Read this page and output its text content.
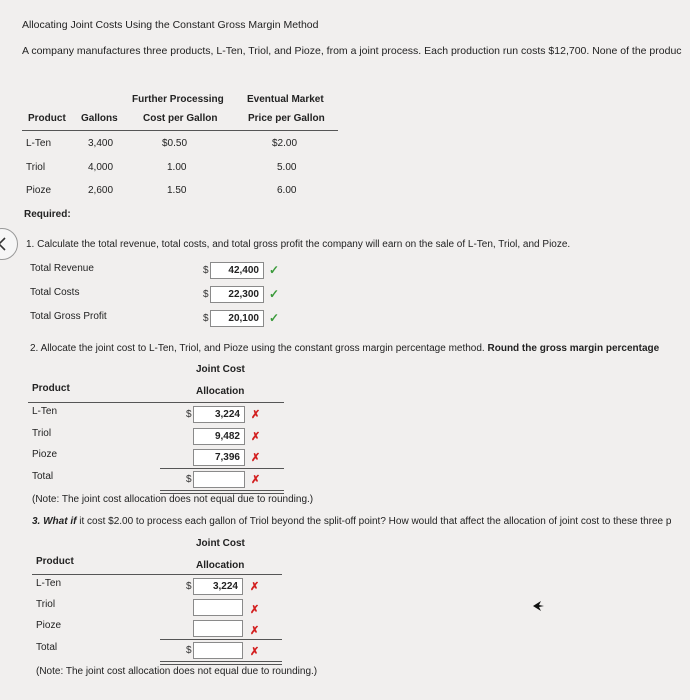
Allocating Joint Costs Using the Constant Gross Margin Method
A company manufactures three products, L-Ten, Triol, and Pioze, from a joint process. Each production run costs $12,700. None of the produc
Further Processing Eventual Market
Product Gallons	Cost per Gallon	Price per Gallon
L-Ten	3,400	$0.50	$2.00
Triol	4,000	1.00	5.00
Pioze	2,600	1.50	6.00
Required:
1. Calculate the total revenue, total costs, and total gross profit the company will earn on the sale of L-Ten, Triol, and Pioze.
Total Revenue	$	42,400 ✓
Total Costs	$	22,300 ✓
Total Gross Profit	$	20,100 ✓
2. Allocate the joint cost to L-Ten, Triol, and Pioze using the constant gross margin percentage method. Round the gross margin percentage
Joint Cost
Product	Allocation
L-Ten	$	3,224	✗
Triol	9,482	✗
Pioze	7,396	✗
Total	$	✗
(Note: The joint cost allocation does not equal due to rounding.)
3. What if it cost $2.00 to process each gallon of Triol beyond the split-off point? How would that affect the allocation of joint cost to these three p
Joint Cost
Product	Allocation
L-Ten	$	3,224	✗
Triol	✗
Pioze	✗
Total	$	✗
(Note: The joint cost allocation does not equal due to rounding.)
